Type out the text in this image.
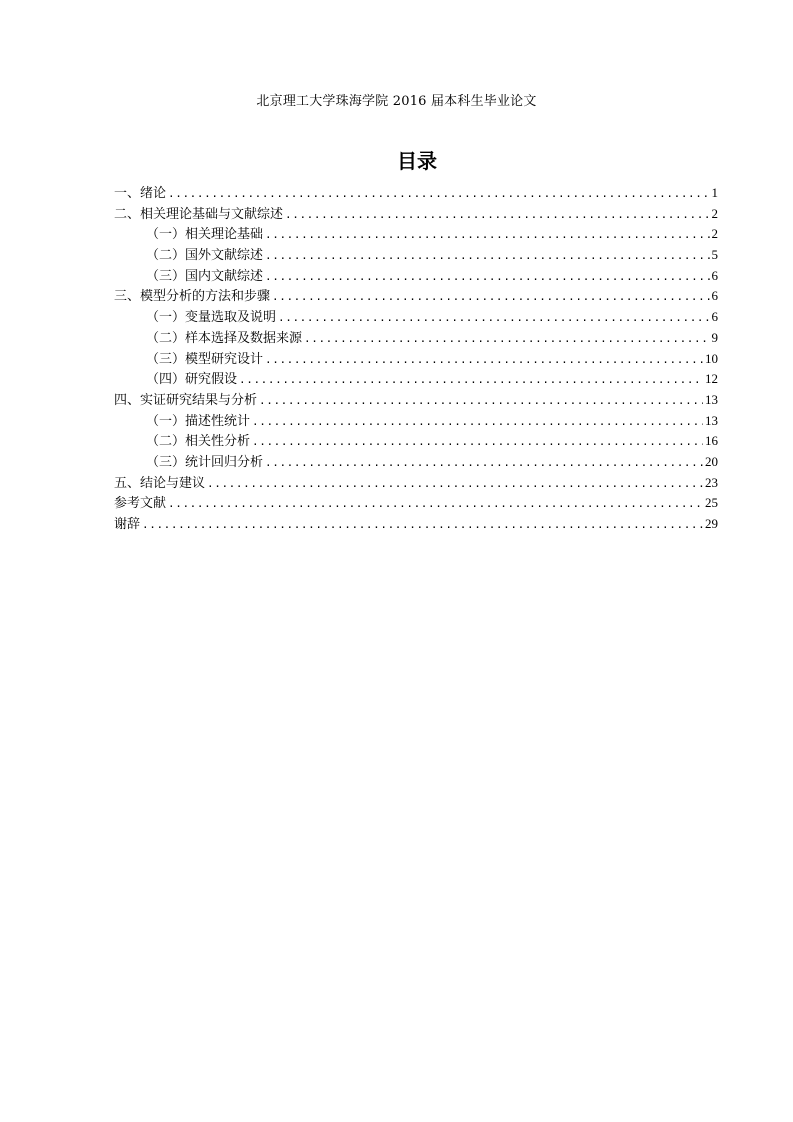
北京理工大学珠海学院 2016 届本科生毕业论文
目录
一、绪论 .....	1
二、相关理论基础与文献综述 .....	2
（一）相关理论基础 .....	2
（二）国外文献综述 .....	5
（三）国内文献综述 .....	6
三、模型分析的方法和步骤 .....	6
（一）变量选取及说明 .....	6
（二）样本选择及数据来源 .....	9
（三）模型研究设计 .....	10
（四）研究假设 .....	12
四、实证研究结果与分析 .....	13
（一）描述性统计 .....	13
（二）相关性分析 .....	16
（三）统计回归分析 .....	20
五、结论与建议 .....	23
参考文献 .....	25
谢辞 .....	29
